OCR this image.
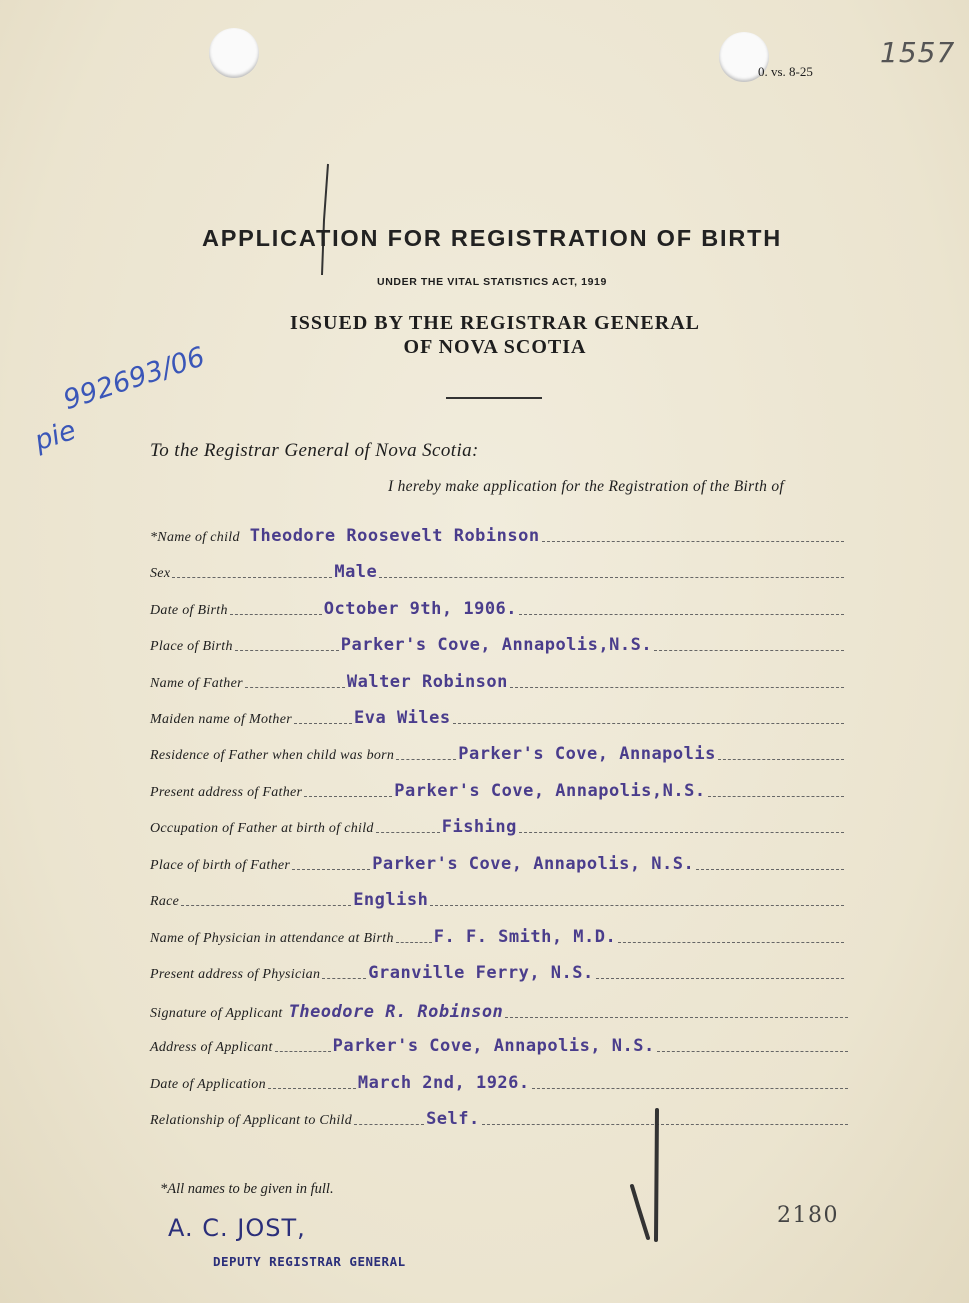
0. vs. 8-25
1557
APPLICATION FOR REGISTRATION OF BIRTH
UNDER THE VITAL STATISTICS ACT, 1919
ISSUED BY THE REGISTRAR GENERAL
OF NOVA SCOTIA
992693/06
pie	To the Registrar General of Nova Scotia:
I hereby make application for the Registration of the Birth of
*Name of child Theodore Roosevelt Robinson
Sex	Male
Date of Birth	October 9th, 1906.
Place of Birth	Parker's Cove, Annapolis,N.S.
Name of Father	Walter Robinson
Maiden name of Mother	Eva Wiles
Residence of Father when child was born	Parker's Cove, Annapolis
Present address of Father	Parker's Cove, Annapolis,N.S.
Occupation of Father at birth of child	Fishing
Place of birth of Father	Parker's Cove, Annapolis, N.S.
Race	English
Name of Physician in attendance at Birth F. F. Smith, M.D.
Present address of Physician	Granville Ferry, N.S.
Signature of Applicant Theodore R. Robinson
Address of Applicant	Parker's Cove, Annapolis, N.S.
Date of Application	March 2nd, 1926.
Relationship of Applicant to Child	Self.
*All names to be given in full.
A. C. JOST,
DEPUTY REGISTRAR GENERAL
2180
